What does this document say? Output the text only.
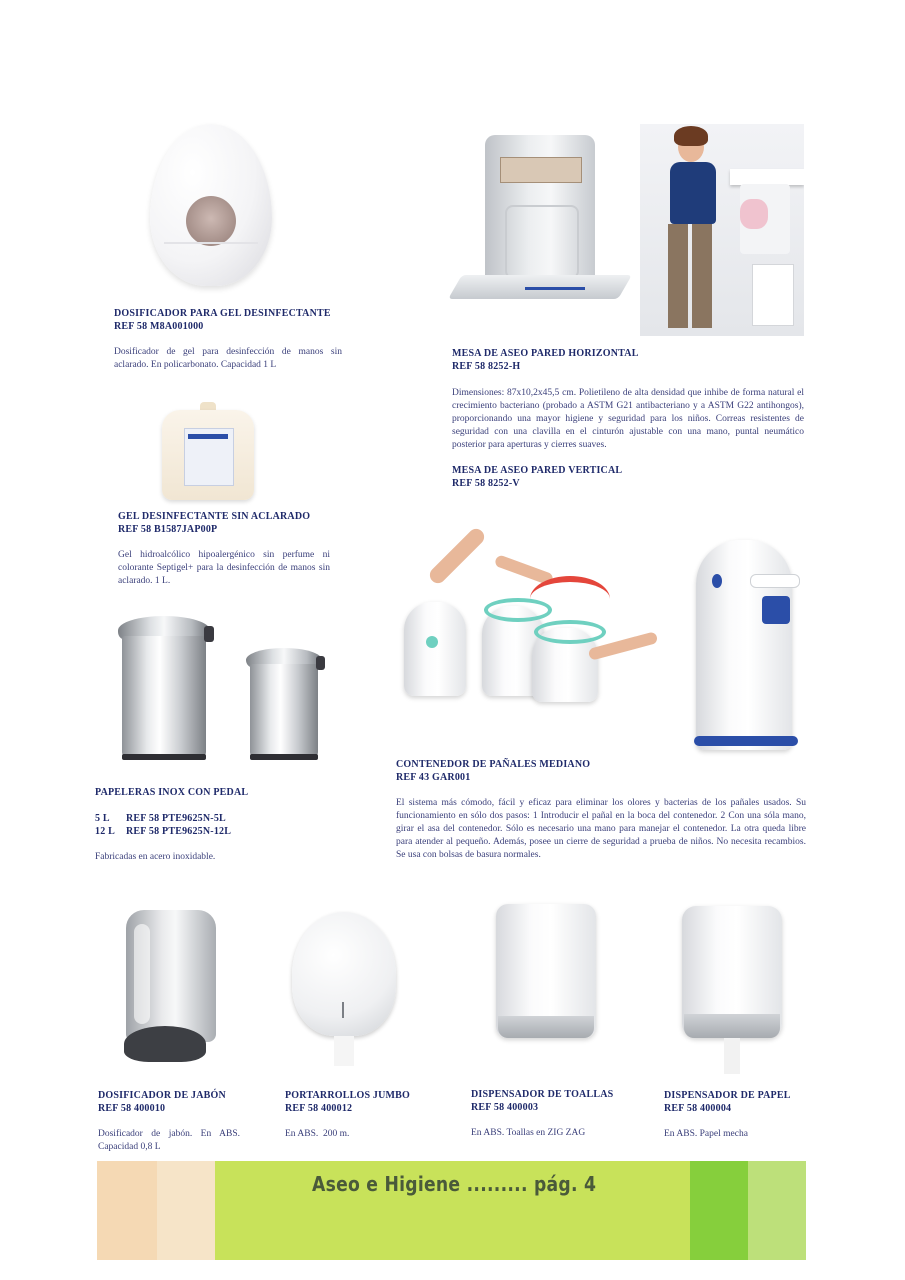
DOSIFICADOR PARA GEL DESINFECTANTE
REF 58 M8A001000
Dosificador de gel para desinfección de manos sin aclarado. En policarbonato. Capacidad 1 L
MESA DE ASEO PARED HORIZONTAL
REF 58 8252-H
Dimensiones: 87x10,2x45,5 cm. Polietileno de alta densidad que inhibe de forma natural el crecimiento bacteriano (probado a ASTM G21 antibacteriano y a ASTM G22 antihongos), proporcionando una mayor higiene y seguridad para los niños. Correas resistentes de seguridad con una clavilla en el cinturón ajustable con una mano, puntal neumático posterior para aperturas y cierres suaves.
MESA DE ASEO PARED VERTICAL
REF 58 8252-V
GEL DESINFECTANTE SIN ACLARADO
REF 58 B1587JAP00P
Gel hidroalcólico hipoalergénico sin perfume ni colorante Septigel+ para la desinfección de manos sin aclarado. 1 L.
PAPELERAS INOX CON PEDAL
5 L REF 58 PTE9625N-5L
12 L REF 58 PTE9625N-12L
Fabricadas en acero inoxidable.
CONTENEDOR DE PAÑALES MEDIANO
REF 43 GAR001
El sistema más cómodo, fácil y eficaz para eliminar los olores y bacterias de los pañales usados. Su funcionamiento en sólo dos pasos: 1 Introducir el pañal en la boca del contenedor. 2 Con una sóla mano, girar el asa del contenedor. Sólo es necesario una mano para manejar el contenedor. La otra queda libre para atender al pequeño. Además, posee un cierre de seguridad a prueba de niños. No necesita recambios. Se usa con bolsas de basura normales.
DOSIFICADOR DE JABÓN
REF 58 400010
Dosificador de jabón. En ABS. Capacidad 0,8 L
PORTARROLLOS JUMBO
REF 58 400012
En ABS.  200 m.
DISPENSADOR DE TOALLAS
REF 58 400003
En ABS. Toallas en ZIG ZAG
DISPENSADOR DE PAPEL
REF 58 400004
En ABS. Papel mecha
Aseo e Higiene ......... pág. 4
